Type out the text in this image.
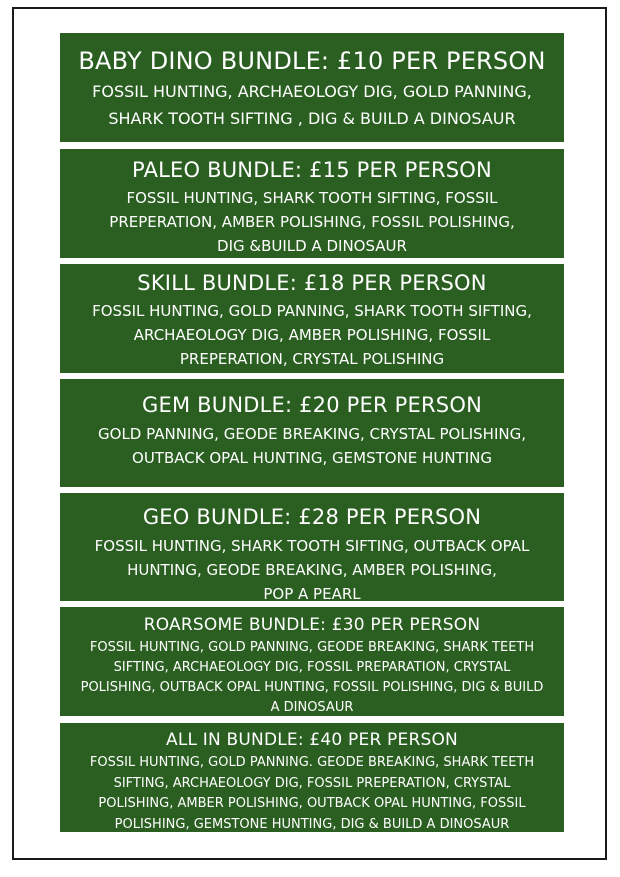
BABY DINO BUNDLE: £10 PER PERSON
FOSSIL HUNTING, ARCHAEOLOGY DIG, GOLD PANNING,
SHARK TOOTH SIFTING , DIG & BUILD A DINOSAUR
PALEO BUNDLE: £15 PER PERSON
FOSSIL HUNTING, SHARK TOOTH SIFTING, FOSSIL
PREPERATION, AMBER POLISHING, FOSSIL POLISHING,
DIG &BUILD A DINOSAUR
SKILL BUNDLE: £18 PER PERSON
FOSSIL HUNTING, GOLD PANNING, SHARK TOOTH SIFTING,
ARCHAEOLOGY DIG, AMBER POLISHING, FOSSIL
PREPERATION, CRYSTAL POLISHING
GEM BUNDLE: £20 PER PERSON
GOLD PANNING, GEODE BREAKING, CRYSTAL POLISHING,
OUTBACK OPAL HUNTING, GEMSTONE HUNTING
GEO BUNDLE: £28 PER PERSON
FOSSIL HUNTING, SHARK TOOTH SIFTING, OUTBACK OPAL
HUNTING, GEODE BREAKING, AMBER POLISHING,
POP A PEARL
ROARSOME BUNDLE: £30 PER PERSON
FOSSIL HUNTING, GOLD PANNING, GEODE BREAKING, SHARK TEETH
SIFTING, ARCHAEOLOGY DIG, FOSSIL PREPARATION, CRYSTAL
POLISHING, OUTBACK OPAL HUNTING, FOSSIL POLISHING, DIG & BUILD
A DINOSAUR
ALL IN BUNDLE: £40 PER PERSON
FOSSIL HUNTING, GOLD PANNING. GEODE BREAKING, SHARK TEETH
SIFTING, ARCHAEOLOGY DIG, FOSSIL PREPERATION, CRYSTAL
POLISHING, AMBER POLISHING, OUTBACK OPAL HUNTING, FOSSIL
POLISHING, GEMSTONE HUNTING, DIG & BUILD A DINOSAUR
